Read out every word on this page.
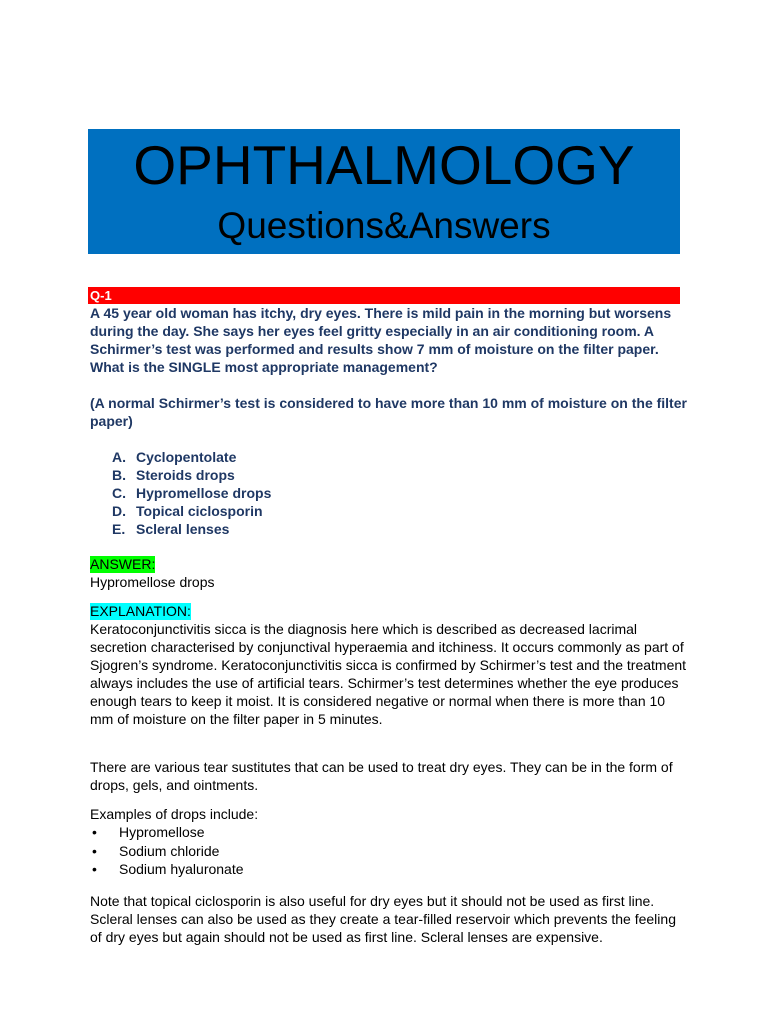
OPHTHALMOLOGY
Questions&Answers
Q-1

A 45 year old woman has itchy, dry eyes. There is mild pain in the morning but worsens during the day. She says her eyes feel gritty especially in an air conditioning room. A Schirmer’s test was performed and results show 7 mm of moisture on the filter paper. What is the SINGLE most appropriate management?

(A normal Schirmer’s test is considered to have more than 10 mm of moisture on the filter paper)

A. Cyclopentolate
B. Steroids drops
C. Hypromellose drops
D. Topical ciclosporin
E. Scleral lenses
ANSWER:

Hypromellose drops

EXPLANATION:

Keratoconjunctivitis sicca is the diagnosis here which is described as decreased lacrimal secretion characterised by conjunctival hyperaemia and itchiness. It occurs commonly as part of Sjogren’s syndrome. Keratoconjunctivitis sicca is confirmed by Schirmer’s test and the treatment always includes the use of artificial tears. Schirmer’s test determines whether the eye produces enough tears to keep it moist. It is considered negative or normal when there is more than 10 mm of moisture on the filter paper in 5 minutes.

There are various tear sustitutes that can be used to treat dry eyes. They can be in the form of drops, gels, and ointments.

Examples of drops include:

•	Hypromellose
•	Sodium chloride
•	Sodium hyaluronate

Note that topical ciclosporin is also useful for dry eyes but it should not be used as first line. Scleral lenses can also be used as they create a tear-filled reservoir which prevents the feeling of dry eyes but again should not be used as first line. Scleral lenses are expensive.
